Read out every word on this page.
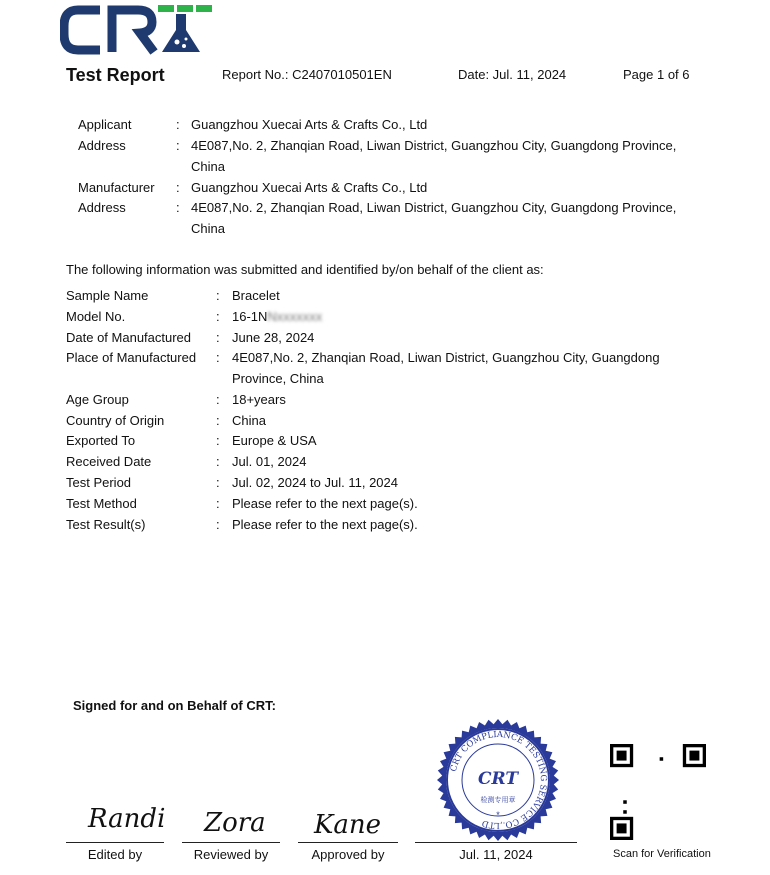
Test Report	Report No.: C2407010501EN	Date: Jul. 11, 2024	Page 1 of 6
The following information was submitted and identified by/on behalf of the client as:
Signed for and on Behalf of CRT:
Randi Zora Kane
Edited by	Reviewed by	Approved by	Jul. 11, 2024
CRT COMPLIANCE TESTING SERVICE CO.,LTD
CRT
检测专用章
*
Scan for Verification
Applicant	: Guangzhou Xuecai Arts & Crafts Co., Ltd
Address	: 4E087,No. 2, Zhanqian Road, Liwan District, Guangzhou City, Guangdong Province, China
Manufacturer : Guangzhou Xuecai Arts & Crafts Co., Ltd
Address	: 4E087,No. 2, Zhanqian Road, Liwan District, Guangzhou City, Guangdong Province, China
Sample Name	: Bracelet
Model No.	: 16-1NNxxxxxxx
Date of Manufactured : June 28, 2024
Place of Manufactured : 4E087,No. 2, Zhanqian Road, Liwan District, Guangzhou City, Guangdong Province, China
Age Group	: 18+years
Country of Origin	: China
Exported To	: Europe & USA
Received Date	: Jul. 01, 2024
Test Period	: Jul. 02, 2024 to Jul. 11, 2024
Test Method	: Please refer to the next page(s).
Test Result(s)	: Please refer to the next page(s).
